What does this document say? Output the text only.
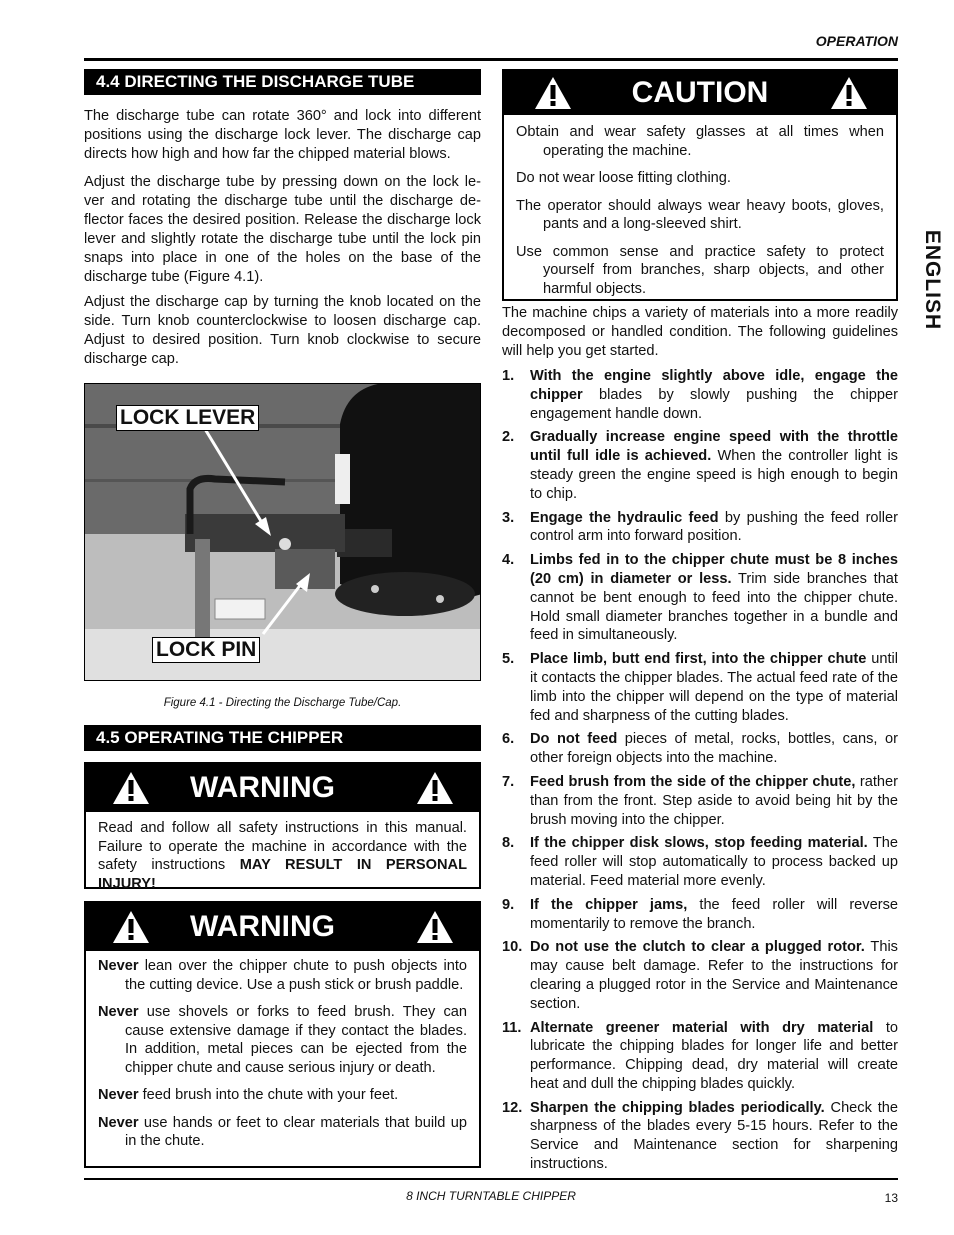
OPERATION
ENGLISH
4.4 DIRECTING THE DISCHARGE TUBE

The discharge tube can rotate 360° and lock into different positions using the discharge lock lever. The discharge cap directs how high and how far the chipped material blows.

Adjust the discharge tube by pressing down on the lock le-ver and rotating the discharge tube until the discharge de-flector faces the desired position. Release the discharge lock lever and slightly rotate the discharge tube until the lock pin snaps into place in one of the holes on the base of the discharge tube (Figure 4.1).

Adjust the discharge cap by turning the knob located on the side. Turn knob counterclockwise to loosen discharge cap. Adjust to desired position. Turn knob clockwise to secure discharge cap.

LOCK LEVER
LOCK PIN
Figure 4.1 - Directing the Discharge Tube/Cap.
4.5 OPERATING THE CHIPPER
WARNING
Read and follow all safety instructions in this manual. Failure to operate the machine in accordance with the safety instructions MAY RESULT IN PERSONAL INJURY!
WARNING

Never lean over the chipper chute to push objects into the cutting device. Use a push stick or brush paddle.

Never use shovels or forks to feed brush. They can cause extensive damage if they contact the blades. In addition, metal pieces can be ejected from the chipper chute and cause serious injury or death.

Never feed brush into the chute with your feet.

Never use hands or feet to clear materials that build up in the chute.

CAUTION

Obtain and wear safety glasses at all times when operating the machine.

Do not wear loose fitting clothing.

The operator should always wear heavy boots, gloves, pants and a long-sleeved shirt.

Use common sense and practice safety to protect yourself from branches, sharp objects, and other harmful objects.

The machine chips a variety of materials into a more readily decomposed or handled condition. The following guidelines will help you get started.

1. With the engine slightly above idle, engage the chipper blades by slowly pushing the chipper engagement handle down.
2. Gradually increase engine speed with the throttle until full idle is achieved. When the controller light is steady green the engine speed is high enough to begin to chip.
3. Engage the hydraulic feed by pushing the feed roller control arm into forward position.
4. Limbs fed in to the chipper chute must be 8 inches (20 cm) in diameter or less. Trim side branches that cannot be bent enough to feed into the chipper chute. Hold small diameter branches together in a bundle and feed in simultaneously.
5. Place limb, butt end first, into the chipper chute until it contacts the chipper blades. The actual feed rate of the limb into the chipper will depend on the type of material fed and sharpness of the cutting blades.
6. Do not feed pieces of metal, rocks, bottles, cans, or other foreign objects into the machine.
7. Feed brush from the side of the chipper chute, rather than from the front. Step aside to avoid being hit by the brush moving into the chipper.
8. If the chipper disk slows, stop feeding material. The feed roller will stop automatically to process backed up material. Feed material more evenly.
9. If the chipper jams, the feed roller will reverse momentarily to remove the branch.
10. Do not use the clutch to clear a plugged rotor. This may cause belt damage. Refer to the instructions for clearing a plugged rotor in the Service and Maintenance section.
11. Alternate greener material with dry material to lubricate the chipping blades for longer life and better performance. Chipping dead, dry material will create heat and dull the chipping blades quickly.
12. Sharpen the chipping blades periodically. Check the sharpness of the blades every 5-15 hours. Refer to the Service and Maintenance section for sharpening instructions.
8 INCH TURNTABLE CHIPPER	13
